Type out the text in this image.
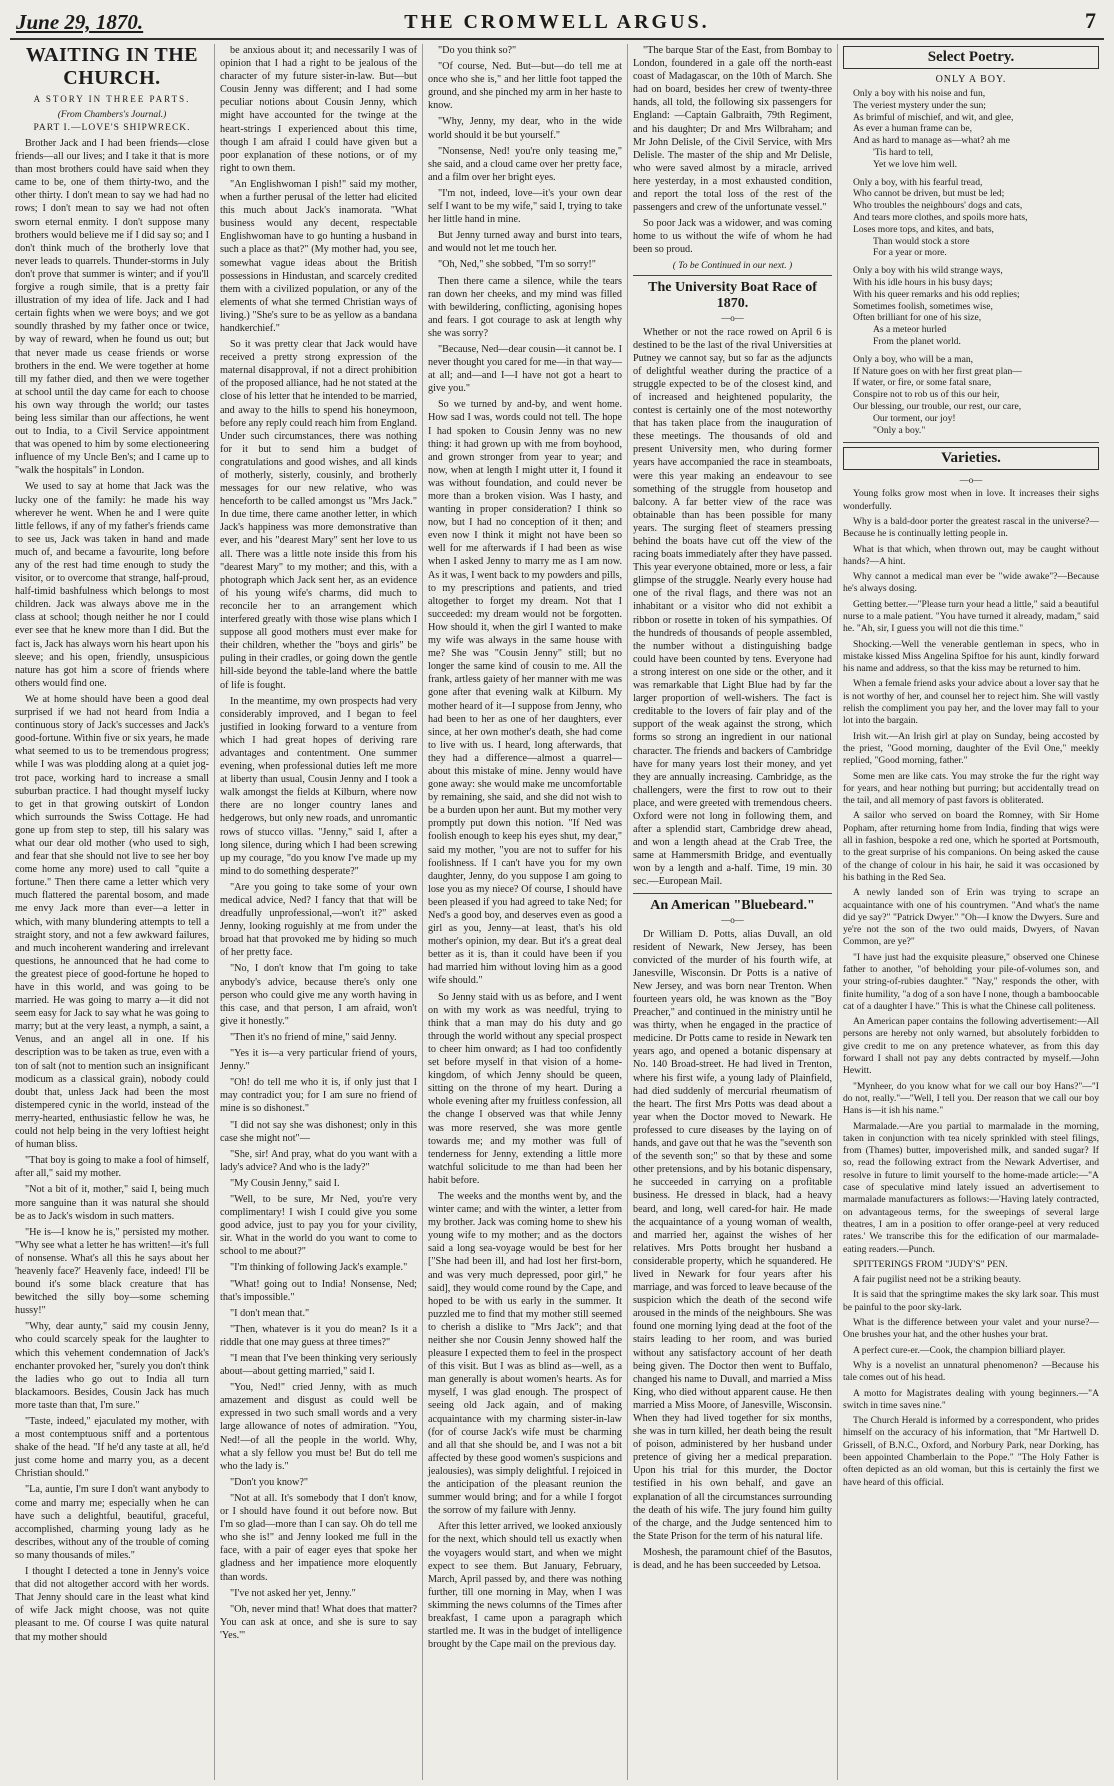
June 29, 1870.	THE CROMWELL ARGUS.	7
WAITING IN THE CHURCH.
A STORY IN THREE PARTS.
(From Chambers's Journal.)
PART I.—LOVE'S SHIPWRECK.

Brother Jack and I had been friends—close friends—all our lives; and I take it that is more than most brothers could have said when they came to be, one of them thirty-two, and the other thirty. I don't mean to say we had had no rows; I don't mean to say we had not often sworn eternal enmity. I don't suppose many brothers would believe me if I did say so; and I don't think much of the brotherly love that never leads to quarrels. Thunder-storms in July don't prove that summer is winter; and if you'll forgive a rough simile, that is a pretty fair illustration of my idea of life. Jack and I had certain fights when we were boys; and we got soundly thrashed by my father once or twice, by way of reward, when he found us out; but that never made us cease friends or worse brothers in the end. We were together at home till my father died, and then we were together at school until the day came for each to choose his own way through the world; our tastes being less similar than our affections, he went out to India, to a Civil Service appointment that was opened to him by some electioneering influence of my Uncle Ben's; and I came up to "walk the hospitals" in London.

We used to say at home that Jack was the lucky one of the family: he made his way wherever he went. When he and I were quite little fellows, if any of my father's friends came to see us, Jack was taken in hand and made much of, and became a favourite, long before any of the rest had time enough to study the visitor, or to overcome that strange, half-proud, half-timid bashfulness which belongs to most children. Jack was always above me in the class at school; though neither he nor I could ever see that he knew more than I did. But the fact is, Jack has always worn his heart upon his sleeve; and his open, friendly, unsuspicious nature has got him a score of friends where others would find one.

We at home should have been a good deal surprised if we had not heard from India a continuous story of Jack's successes and Jack's good-fortune. Within five or six years, he made what seemed to us to be tremendous progress; while I was was plodding along at a quiet jog-trot pace, working hard to increase a small suburban practice. I had thought myself lucky to get in that growing outskirt of London which surrounds the Swiss Cottage. He had gone up from step to step, till his salary was what our dear old mother (who used to sigh, and fear that she should not live to see her boy come home any more) used to call "quite a fortune." Then there came a letter which very much flattered the parental bosom, and made me envy Jack more than ever—a letter in which, with many blundering attempts to tell a straight story, and not a few awkward failures, and much incoherent wandering and irrelevant questions, he announced that he had come to the greatest piece of good-fortune he hoped to have in this world, and was going to be married. He was going to marry a—it did not seem easy for Jack to say what he was going to marry; but at the very least, a nymph, a saint, a Venus, and an angel all in one. If his description was to be taken as true, even with a ton of salt (not to mention such an insignificant modicum as a classical grain), nobody could doubt that, unless Jack had been the most distempered cynic in the world, instead of the merry-hearted, enthusiastic fellow he was, he could not help being in the very loftiest height of human bliss.

"That boy is going to make a fool of himself, after all," said my mother.

"Not a bit of it, mother," said I, being much more sanguine than it was natural she should be as to Jack's wisdom in such matters.

"He is—I know he is," persisted my mother. "Why see what a letter he has written!—it's full of nonsense. What's all this he says about her 'heavenly face?' Heavenly face, indeed! I'll be bound it's some black creature that has bewitched the silly boy—some scheming hussy!"

"Why, dear aunty," said my cousin Jenny, who could scarcely speak for the laughter to which this vehement condemnation of Jack's enchanter provoked her, "surely you don't think the ladies who go out to India all turn blackamoors. Besides, Cousin Jack has much more taste than that, I'm sure."

"Taste, indeed," ejaculated my mother, with a most contemptuous sniff and a portentous shake of the head. "If he'd any taste at all, he'd just come home and marry you, as a decent Christian should."

"La, auntie, I'm sure I don't want anybody to come and marry me; especially when he can have such a delightful, beautiful, graceful, accomplished, charming young lady as he describes, without any of the trouble of coming so many thousands of miles."

I thought I detected a tone in Jenny's voice that did not altogether accord with her words. That Jenny should care in the least what kind of wife Jack might choose, was not quite pleasant to me. Of course I was quite natural that my mother should

be anxious about it; and necessarily I was of opinion that I had a right to be jealous of the character of my future sister-in-law. But—but Cousin Jenny was different; and I had some peculiar notions about Cousin Jenny, which might have accounted for the twinge at the heart-strings I experienced about this time, though I am afraid I could have given but a poor explanation of these notions, or of my right to own them.

"An Englishwoman I pish!" said my mother, when a further perusal of the letter had elicited this much about Jack's inamorata. "What business would any decent, respectable Englishwoman have to go hunting a husband in such a place as that?" (My mother had, you see, somewhat vague ideas about the British possessions in Hindustan, and scarcely credited them with a civilized population, or any of the elements of what she termed Christian ways of living.) "She's sure to be as yellow as a bandana handkerchief."

So it was pretty clear that Jack would have received a pretty strong expression of the maternal disapproval, if not a direct prohibition of the proposed alliance, had he not stated at the close of his letter that he intended to be married, and away to the hills to spend his honeymoon, before any reply could reach him from England. Under such circumstances, there was nothing for it but to send him a budget of congratulations and good wishes, and all kinds of motherly, sisterly, cousinly, and brotherly messages for our new relative, who was henceforth to be called amongst us "Mrs Jack." In due time, there came another letter, in which Jack's happiness was more demonstrative than ever, and his "dearest Mary" sent her love to us all. There was a little note inside this from his "dearest Mary" to my mother; and this, with a photograph which Jack sent her, as an evidence of his young wife's charms, did much to reconcile her to an arrangement which interfered greatly with those wise plans which I suppose all good mothers must ever make for their children, whether the "boys and girls" be puling in their cradles, or going down the gentle hill-side beyond the table-land where the battle of life is fought.

In the meantime, my own prospects had very considerably improved, and I began to feel justified in looking forward to a venture from which I had great hopes of deriving rare advantages and contentment. One summer evening, when professional duties left me more at liberty than usual, Cousin Jenny and I took a walk amongst the fields at Kilburn, where now there are no longer country lanes and hedgerows, but only new roads, and unromantic rows of stucco villas. "Jenny," said I, after a long silence, during which I had been screwing up my courage, "do you know I've made up my mind to do something desperate?"

"Are you going to take some of your own medical advice, Ned? I fancy that that will be dreadfully unprofessional,—won't it?" asked Jenny, looking roguishly at me from under the broad hat that provoked me by hiding so much of her pretty face.

"No, I don't know that I'm going to take anybody's advice, because there's only one person who could give me any worth having in this case, and that person, I am afraid, won't give it honestly."

"Then it's no friend of mine," said Jenny.

"Yes it is—a very particular friend of yours, Jenny."

"Oh! do tell me who it is, if only just that I may contradict you; for I am sure no friend of mine is so dishonest."

"I did not say she was dishonest; only in this case she might not"—

"She, sir! And pray, what do you want with a lady's advice? And who is the lady?"

"My Cousin Jenny," said I.

"Well, to be sure, Mr Ned, you're very complimentary! I wish I could give you some good advice, just to pay you for your civility, sir. What in the world do you want to come to school to me about?"

"I'm thinking of following Jack's example."

"What! going out to India! Nonsense, Ned; that's impossible."

"I don't mean that."

"Then, whatever is it you do mean? Is it a riddle that one may guess at three times?"

"I mean that I've been thinking very seriously about—about getting married," said I.

"You, Ned!" cried Jenny, with as much amazement and disgust as could well be expressed in two such small words and a very large allowance of notes of admiration. "You, Ned!—of all the people in the world. Why, what a sly fellow you must be! But do tell me who the lady is."

"Don't you know?"

"Not at all. It's somebody that I don't know, or I should have found it out before now. But I'm so glad—more than I can say. Oh do tell me who she is!" and Jenny looked me full in the face, with a pair of eager eyes that spoke her gladness and her impatience more eloquently than words.

"I've not asked her yet, Jenny."

"Oh, never mind that! What does that matter? You can ask at once, and she is sure to say 'Yes.'"

"Do you think so?"

"Of course, Ned. But—but—do tell me at once who she is," and her little foot tapped the ground, and she pinched my arm in her haste to know.

"Why, Jenny, my dear, who in the wide world should it be but yourself."

"Nonsense, Ned! you're only teasing me," she said, and a cloud came over her pretty face, and a film over her bright eyes.

"I'm not, indeed, love—it's your own dear self I want to be my wife," said I, trying to take her little hand in mine.

But Jenny turned away and burst into tears, and would not let me touch her.

"Oh, Ned," she sobbed, "I'm so sorry!"

Then there came a silence, while the tears ran down her cheeks, and my mind was filled with bewildering, conflicting, agonising hopes and fears. I got courage to ask at length why she was sorry?

"Because, Ned—dear cousin—it cannot be. I never thought you cared for me—in that way—at all; and—and I—I have not got a heart to give you."

So we turned by and-by, and went home. How sad I was, words could not tell. The hope I had spoken to Cousin Jenny was no new thing: it had grown up with me from boyhood, and grown stronger from year to year; and now, when at length I might utter it, I found it was without foundation, and could never be more than a broken vision. Was I hasty, and wanting in proper consideration? I think so now, but I had no conception of it then; and even now I think it might not have been so well for me afterwards if I had been as wise when I asked Jenny to marry me as I am now. As it was, I went back to my powders and pills, to my prescriptions and patients, and tried altogether to forget my dream. Not that I succeeded: my dream would not be forgotten. How should it, when the girl I wanted to make my wife was always in the same house with me? She was "Cousin Jenny" still; but no longer the same kind of cousin to me. All the frank, artless gaiety of her manner with me was gone after that evening walk at Kilburn. My mother heard of it—I suppose from Jenny, who had been to her as one of her daughters, ever since, at her own mother's death, she had come to live with us. I heard, long afterwards, that they had a difference—almost a quarrel—about this mistake of mine. Jenny would have gone away: she would make me uncomfortable by remaining, she said, and she did not wish to be a burden upon her aunt. But my mother very promptly put down this notion. "If Ned was foolish enough to keep his eyes shut, my dear," said my mother, "you are not to suffer for his foolishness. If I can't have you for my own daughter, Jenny, do you suppose I am going to lose you as my niece? Of course, I should have been pleased if you had agreed to take Ned; for Ned's a good boy, and deserves even as good a girl as you, Jenny—at least, that's his old mother's opinion, my dear. But it's a great deal better as it is, than it could have been if you had married him without loving him as a good wife should."

So Jenny staid with us as before, and I went on with my work as was needful, trying to think that a man may do his duty and go through the world without any special prospect to cheer him onward; as I had too confidently set before myself in that vision of a home-kingdom, of which Jenny should be queen, sitting on the throne of my heart. During a whole evening after my fruitless confession, all the change I observed was that while Jenny was more reserved, she was more gentle towards me; and my mother was full of tenderness for Jenny, extending a little more watchful solicitude to me than had been her habit before.

The weeks and the months went by, and the winter came; and with the winter, a letter from my brother. Jack was coming home to shew his young wife to my mother; and as the doctors said a long sea-voyage would be best for her ["She had been ill, and had lost her first-born, and was very much depressed, poor girl," he said], they would come round by the Cape, and hoped to be with us early in the summer. It puzzled me to find that my mother still seemed to cherish a dislike to "Mrs Jack"; and that neither she nor Cousin Jenny showed half the pleasure I expected them to feel in the prospect of this visit. But I was as blind as—well, as a man generally is about women's hearts. As for myself, I was glad enough. The prospect of seeing old Jack again, and of making acquaintance with my charming sister-in-law (for of course Jack's wife must be charming and all that she should be, and I was not a bit affected by these good women's suspicions and jealousies), was simply delightful. I rejoiced in the anticipation of the pleasant reunion the summer would bring; and for a while I forgot the sorrow of my failure with Jenny.

After this letter arrived, we looked anxiously for the next, which should tell us exactly when the voyagers would start, and when we might expect to see them. But January, February, March, April passed by, and there was nothing further, till one morning in May, when I was skimming the news columns of the Times after breakfast, I came upon a paragraph which startled me. It was in the budget of intelligence brought by the Cape mail on the previous day.

"The barque Star of the East, from Bombay to London, foundered in a gale off the north-east coast of Madagascar, on the 10th of March. She had on board, besides her crew of twenty-three hands, all told, the following six passengers for England: —Captain Galbraith, 79th Regiment, and his daughter; Dr and Mrs Wilbraham; and Mr John Delisle, of the Civil Service, with Mrs Delisle. The master of the ship and Mr Delisle, who were saved almost by a miracle, arrived here yesterday, in a most exhausted condition, and report the total loss of the rest of the passengers and crew of the unfortunate vessel."

So poor Jack was a widower, and was coming home to us without the wife of whom he had been so proud.

( To be Continued in our next. )
The University Boat Race of 1870.
—o—

Whether or not the race rowed on April 6 is destined to be the last of the rival Universities at Putney we cannot say, but so far as the adjuncts of delightful weather during the practice of a struggle expected to be of the closest kind, and of increased and heightened popularity, the contest is certainly one of the most noteworthy that has taken place from the inauguration of these meetings. The thousands of old and present University men, who during former years have accompanied the race in steamboats, were this year making an endeavour to see something of the struggle from housetop and balcony. A far better view of the race was obtainable than has been possible for many years. The surging fleet of steamers pressing behind the boats have cut off the view of the racing boats immediately after they have passed. This year everyone obtained, more or less, a fair glimpse of the struggle. Nearly every house had one of the rival flags, and there was not an inhabitant or a visitor who did not exhibit a ribbon or rosette in token of his sympathies. Of the hundreds of thousands of people assembled, the number without a distinguishing badge could have been counted by tens. Everyone had a strong interest on one side or the other, and it was remarkable that Light Blue had by far the larger proportion of well-wishers. The fact is creditable to the lovers of fair play and of the support of the weak against the strong, which forms so strong an ingredient in our national character. The friends and backers of Cambridge have for many years lost their money, and yet they are annually increasing. Cambridge, as the challengers, were the first to row out to their place, and were greeted with tremendous cheers. Oxford were not long in following them, and after a splendid start, Cambridge drew ahead, and won a length ahead at the Crab Tree, the same at Hammersmith Bridge, and eventually won by a length and a-half. Time, 19 min. 30 sec.—European Mail.

An American "Bluebeard."
—o—

Dr William D. Potts, alias Duvall, an old resident of Newark, New Jersey, has been convicted of the murder of his fourth wife, at Janesville, Wisconsin. Dr Potts is a native of New Jersey, and was born near Trenton. When fourteen years old, he was known as the "Boy Preacher," and continued in the ministry until he was thirty, when he engaged in the practice of medicine. Dr Potts came to reside in Newark ten years ago, and opened a botanic dispensary at No. 140 Broad-street. He had lived in Trenton, where his first wife, a young lady of Plainfield, had died suddenly of mercurial rheumatism of the heart. The first Mrs Potts was dead about a year when the Doctor moved to Newark. He professed to cure diseases by the laying on of hands, and gave out that he was the "seventh son of the seventh son;" so that by these and some other pretensions, and by his botanic dispensary, he succeeded in carrying on a profitable business. He dressed in black, had a heavy beard, and long, well cared-for hair. He made the acquaintance of a young woman of wealth, and married her, against the wishes of her relatives. Mrs Potts brought her husband a considerable property, which he squandered. He lived in Newark for four years after his marriage, and was forced to leave because of the suspicion which the death of the second wife aroused in the minds of the neighbours. She was found one morning lying dead at the foot of the stairs leading to her room, and was buried without any satisfactory account of her death being given. The Doctor then went to Buffalo, changed his name to Duvall, and married a Miss King, who died without apparent cause. He then married a Miss Moore, of Janesville, Wisconsin. When they had lived together for six months, she was in turn killed, her death being the result of poison, administered by her husband under pretence of giving her a medical preparation. Upon his trial for this murder, the Doctor testified in his own behalf, and gave an explanation of all the circumstances surrounding the death of his wife. The jury found him guilty of the charge, and the Judge sentenced him to the State Prison for the term of his natural life.

Moshesh, the paramount chief of the Basutos, is dead, and he has been succeeded by Letsoa.

Select Poetry.
ONLY A BOY.
Only a boy with his noise and fun,
The veriest mystery under the sun;
As brimful of mischief, and wit, and glee,
As ever a human frame can be,
And as hard to manage as—what? ah me
'Tis hard to tell,
Yet we love him well.
Only a boy, with his fearful tread,
Who cannot be driven, but must be led;
Who troubles the neighbours' dogs and cats,
And tears more clothes, and spoils more hats,
Loses more tops, and kites, and bats,
Than would stock a store
For a year or more.
Only a boy with his wild strange ways,
With his idle hours in his busy days;
With his queer remarks and his odd replies;
Sometimes foolish, sometimes wise,
Often brilliant for one of his size,
As a meteor hurled
From the planet world.
Only a boy, who will be a man,
If Nature goes on with her first great plan—
If water, or fire, or some fatal snare,
Conspire not to rob us of this our heir,
Our blessing, our trouble, our rest, our care,
Our torment, our joy!
"Only a boy."
Varieties.
—o—

Young folks grow most when in love. It increases their sighs wonderfully.

Why is a bald-door porter the greatest rascal in the universe?—Because he is continually letting people in.

What is that which, when thrown out, may be caught without hands?—A hint.

Why cannot a medical man ever be "wide awake"?—Because he's always dosing.

Getting better.—"Please turn your head a little," said a beautiful nurse to a male patient. "You have turned it already, madam," said he. "Ah, sir, I guess you will not die this time."

Shocking.—Well the venerable gentleman in specs, who in mistake kissed Miss Angelina Spiftoe for his aunt, kindly forward his name and address, so that the kiss may be returned to him.

When a female friend asks your advice about a lover say that he is not worthy of her, and counsel her to reject him. She will vastly relish the compliment you pay her, and the lover may fall to your lot into the bargain.

Irish wit.—An Irish girl at play on Sunday, being accosted by the priest, "Good morning, daughter of the Evil One," meekly replied, "Good morning, father."

Some men are like cats. You may stroke the fur the right way for years, and hear nothing but purring; but accidentally tread on the tail, and all memory of past favors is obliterated.

A sailor who served on board the Romney, with Sir Home Popham, after returning home from India, finding that wigs were all in fashion, bespoke a red one, which he sported at Portsmouth, to the great surprise of his companions. On being asked the cause of the change of colour in his hair, he said it was occasioned by his bathing in the Red Sea.

A newly landed son of Erin was trying to scrape an acquaintance with one of his countrymen. "And what's the name did ye say?" "Patrick Dwyer." "Oh—I know the Dwyers. Sure and ye're not the son of the two ould maids, Dwyers, of Navan Common, are ye?"

"I have just had the exquisite pleasure," observed one Chinese father to another, "of beholding your pile-of-volumes son, and your string-of-rubies daughter." "Nay," responds the other, with finite humility, "a dog of a son have I none, though a bamboocable cat of a daughter I have." This is what the Chinese call politeness.

An American paper contains the following advertisement:—All persons are hereby not only warned, but absolutely forbidden to give credit to me on any pretence whatever, as from this day forward I shall not pay any debts contracted by myself.—John Hewitt.

"Mynheer, do you know what for we call our boy Hans?"—"I do not, really."—"Well, I tell you. Der reason that we call our boy Hans is—it ish his name."

Marmalade.—Are you partial to marmalade in the morning, taken in conjunction with tea nicely sprinkled with steel filings, from (Thames) butter, impoverished milk, and sanded sugar? If so, read the following extract from the Newark Advertiser, and resolve in future to limit yourself to the home-made article:—"A case of speculative mind lately issued an advertisement to marmalade manufacturers as follows:—'Having lately contracted, on advantageous terms, for the sweepings of several large theatres, I am in a position to offer orange-peel at very reduced rates.' We transcribe this for the edification of our marmalade-eating readers.—Punch.

SPITTERINGS FROM "JUDY'S" PEN.

A fair pugilist need not be a striking beauty.

It is said that the springtime makes the sky lark soar. This must be painful to the poor sky-lark.

What is the difference between your valet and your nurse?—One brushes your hat, and the other hushes your brat.

A perfect cure-er.—Cook, the champion billiard player.

Why is a novelist an unnatural phenomenon? —Because his tale comes out of his head.

A motto for Magistrates dealing with young beginners.—"A switch in time saves nine."

The Church Herald is informed by a correspondent, who prides himself on the accuracy of his information, that "Mr Hartwell D. Grissell, of B.N.C., Oxford, and Norbury Park, near Dorking, has been appointed Chamberlain to the Pope." "The Holy Father is often depicted as an old woman, but this is certainly the first we have heard of this official.
